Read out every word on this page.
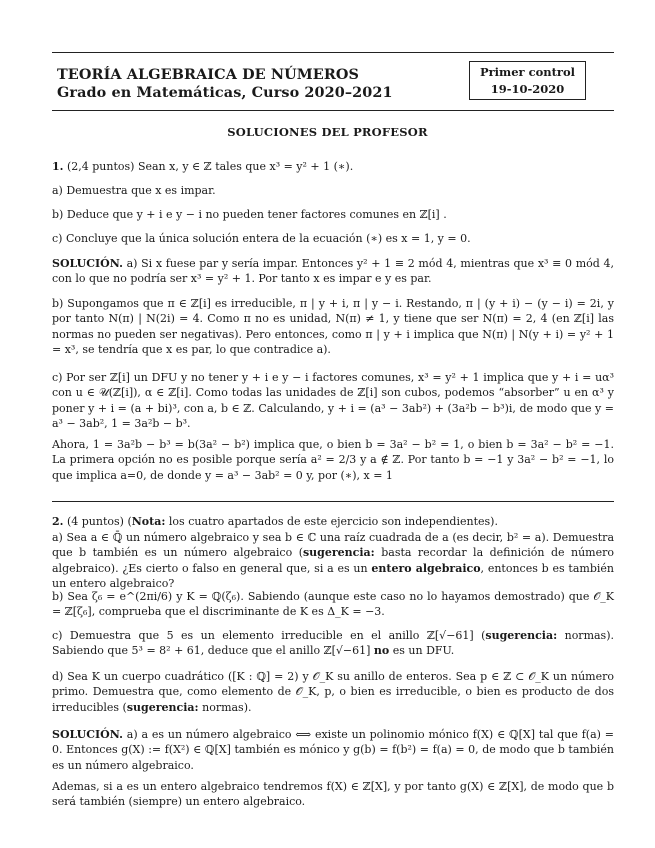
TEORÍA ALGEBRAICA DE NÚMEROS
Grado en Matemáticas, Curso 2020–2021
Primer control
19-10-2020
SOLUCIONES DEL PROFESOR
1. (2,4 puntos) Sean x, y ∈ ℤ tales que x³ = y² + 1 (∗).
a) Demuestra que x es impar.
b) Deduce que y + i e y − i no pueden tener factores comunes en ℤ[i] .
c) Concluye que la única solución entera de la ecuación (∗) es x = 1, y = 0.
SOLUCIÓN. a) Si x fuese par y sería impar. Entonces y² + 1 ≡ 2 mód 4, mientras que x³ ≡ 0 mód 4, con lo que no podría ser x³ = y² + 1. Por tanto x es impar e y es par.
b) Supongamos que π ∈ ℤ[i] es irreducible, π | y + i, π | y − i. Restando, π | (y + i) − (y − i) = 2i, y por tanto N(π) | N(2i) = 4. Como π no es unidad, N(π) ≠ 1, y tiene que ser N(π) = 2, 4 (en ℤ[i] las normas no pueden ser negativas). Pero entonces, como π | y + i implica que N(π) | N(y + i) = y² + 1 = x³, se tendría que x es par, lo que contradice a).
c) Por ser ℤ[i] un DFU y no tener y + i e y − i factores comunes, x³ = y² + 1 implica que y + i = uα³ con u ∈ 𝒰(ℤ[i]), α ∈ ℤ[i]. Como todas las unidades de ℤ[i] son cubos, podemos “absorber” u en α³ y poner y + i = (a + bi)³, con a, b ∈ ℤ. Calculando, y + i = (a³ − 3ab²) + (3a²b − b³)i, de modo que y = a³ − 3ab², 1 = 3a²b − b³.
Ahora, 1 = 3a²b − b³ = b(3a² − b²) implica que, o bien b = 3a² − b² = 1, o bien b = 3a² − b² = −1. La primera opción no es posible porque sería a² = 2/3 y a ∉ ℤ. Por tanto b = −1 y 3a² − b² = −1, lo que implica a=0, de donde y = a³ − 3ab² = 0 y, por (∗), x = 1
2. (4 puntos) (Nota: los cuatro apartados de este ejercicio son independientes).
a) Sea a ∈ ℚ̄ un número algebraico y sea b ∈ ℂ una raíz cuadrada de a (es decir, b² = a). Demuestra que b también es un número algebraico (sugerencia: basta recordar la definición de número algebraico). ¿Es cierto o falso en general que, si a es un entero algebraico, entonces b es también un entero algebraico?
b) Sea ζ₆ = e^(2πi/6) y K = ℚ(ζ₆). Sabiendo (aunque este caso no lo hayamos demostrado) que 𝒪_K = ℤ[ζ₆], comprueba que el discriminante de K es Δ_K = −3.
c) Demuestra que 5 es un elemento irreducible en el anillo ℤ[√−61] (sugerencia: normas). Sabiendo que 5³ = 8² + 61, deduce que el anillo ℤ[√−61] no es un DFU.
d) Sea K un cuerpo cuadrático ([K : ℚ] = 2) y 𝒪_K su anillo de enteros. Sea p ∈ ℤ ⊂ 𝒪_K un número primo. Demuestra que, como elemento de 𝒪_K, p, o bien es irreducible, o bien es producto de dos irreducibles (sugerencia: normas).
SOLUCIÓN. a) a es un número algebraico ⟺ existe un polinomio mónico f(X) ∈ ℚ[X] tal que f(a) = 0. Entonces g(X) := f(X²) ∈ ℚ[X] también es mónico y g(b) = f(b²) = f(a) = 0, de modo que b también es un número algebraico.
Ademas, si a es un entero algebraico tendremos f(X) ∈ ℤ[X], y por tanto g(X) ∈ ℤ[X], de modo que b será también (siempre) un entero algebraico.
